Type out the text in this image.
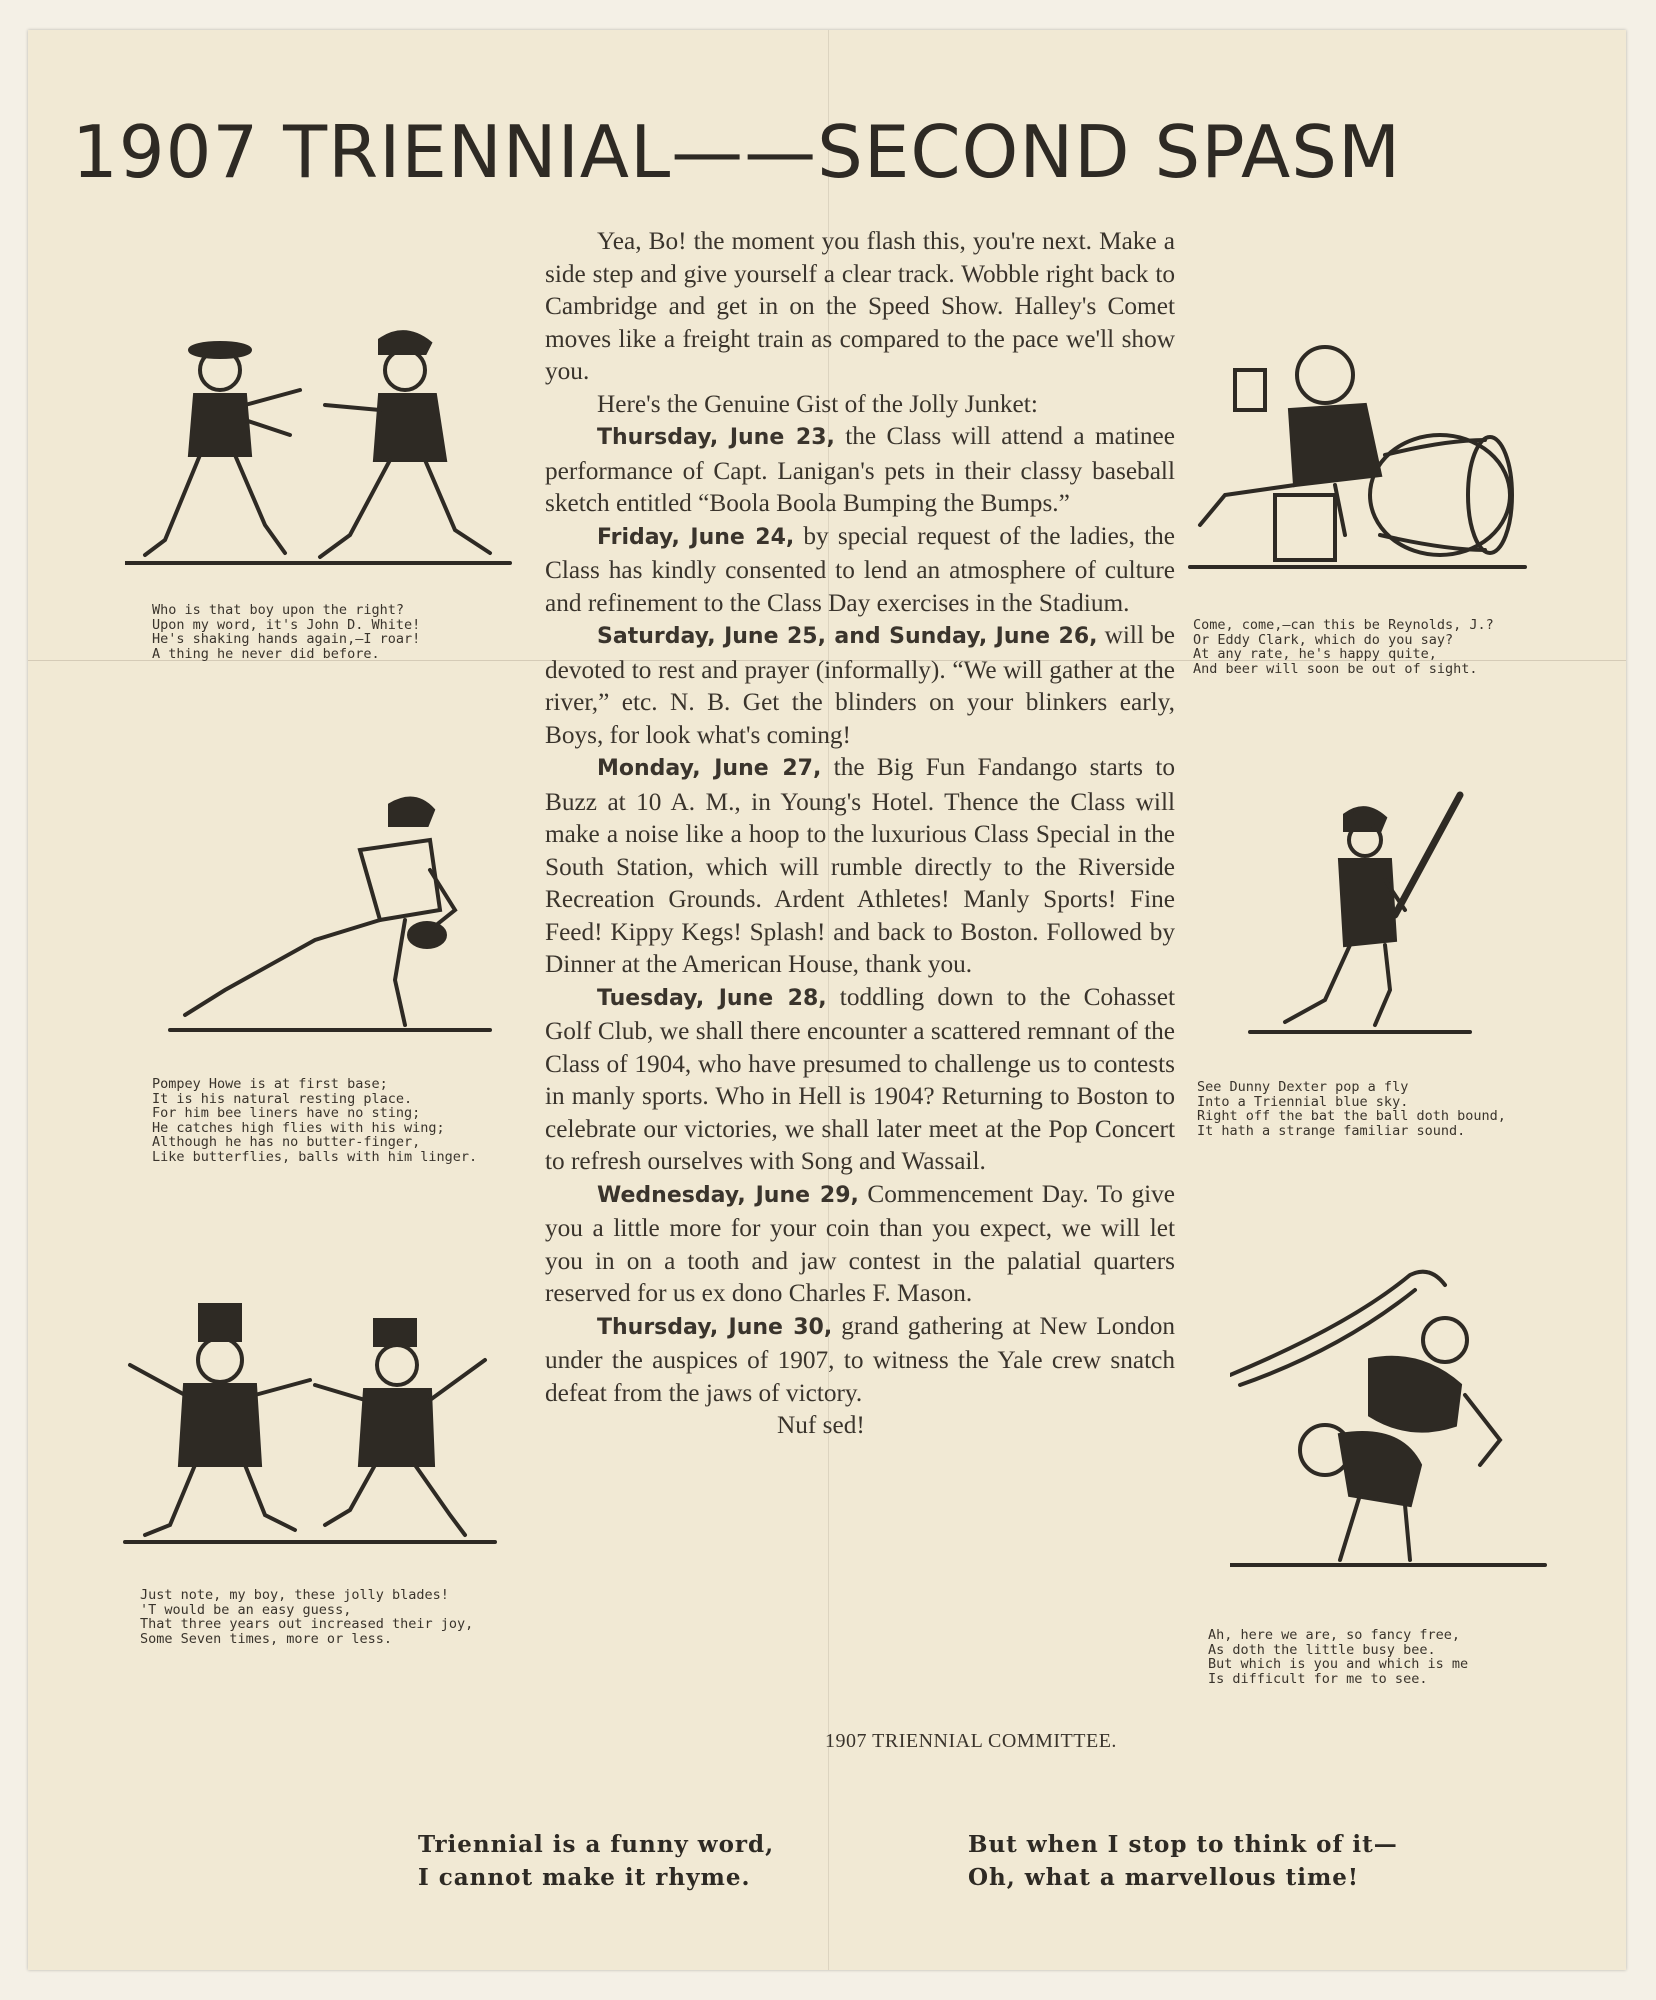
1907 TRIENNIAL——SECOND SPASM

Yea, Bo! the moment you flash this, you're next. Make a side step and give yourself a clear track. Wobble right back to Cambridge and get in on the Speed Show. Halley's Comet moves like a freight train as compared to the pace we'll show you.

Here's the Genuine Gist of the Jolly Junket:

Thursday, June 23, the Class will attend a matinee performance of Capt. Lanigan's pets in their classy baseball sketch entitled “Boola Boola Bumping the Bumps.”

Friday, June 24, by special request of the ladies, the Class has kindly consented to lend an atmosphere of culture and refinement to the Class Day exercises in the Stadium.

Saturday, June 25, and Sunday, June 26, will be devoted to rest and prayer (informally). “We will gather at the river,” etc. N. B. Get the blinders on your blinkers early, Boys, for look what's coming!

Monday, June 27, the Big Fun Fandango starts to Buzz at 10 A. M., in Young's Hotel. Thence the Class will make a noise like a hoop to the luxurious Class Special in the South Station, which will rumble directly to the Riverside Recreation Grounds. Ardent Athletes! Manly Sports! Fine Feed! Kippy Kegs! Splash! and back to Boston. Followed by Dinner at the American House, thank you.

Tuesday, June 28, toddling down to the Cohasset Golf Club, we shall there encounter a scattered remnant of the Class of 1904, who have presumed to challenge us to contests in manly sports. Who in Hell is 1904? Returning to Boston to celebrate our victories, we shall later meet at the Pop Concert to refresh ourselves with Song and Wassail.

Wednesday, June 29, Commencement Day. To give you a little more for your coin than you expect, we will let you in on a tooth and jaw contest in the palatial quarters reserved for us ex dono Charles F. Mason.

Thursday, June 30, grand gathering at New London under the auspices of 1907, to witness the Yale crew snatch defeat from the jaws of victory.

Nuf sed!

1907 TRIENNIAL COMMITTEE.
Who is that boy upon the right?
Upon my word, it's John D. White!
He's shaking hands again,—I roar!
A thing he never did before.
Pompey Howe is at first base;
It is his natural resting place.
For him bee liners have no sting;
He catches high flies with his wing;
Although he has no butter-finger,
Like butterflies, balls with him linger.
Just note, my boy, these jolly blades!
'T would be an easy guess,
That three years out increased their joy,
Some Seven times, more or less.
Come, come,—can this be Reynolds, J.?
Or Eddy Clark, which do you say?
At any rate, he's happy quite,
And beer will soon be out of sight.
See Dunny Dexter pop a fly
Into a Triennial blue sky.
Right off the bat the ball doth bound,
It hath a strange familiar sound.
Ah, here we are, so fancy free,
As doth the little busy bee.
But which is you and which is me
Is difficult for me to see.
Triennial is a funny word,
I cannot make it rhyme.
But when I stop to think of it—
Oh, what a marvellous time!
